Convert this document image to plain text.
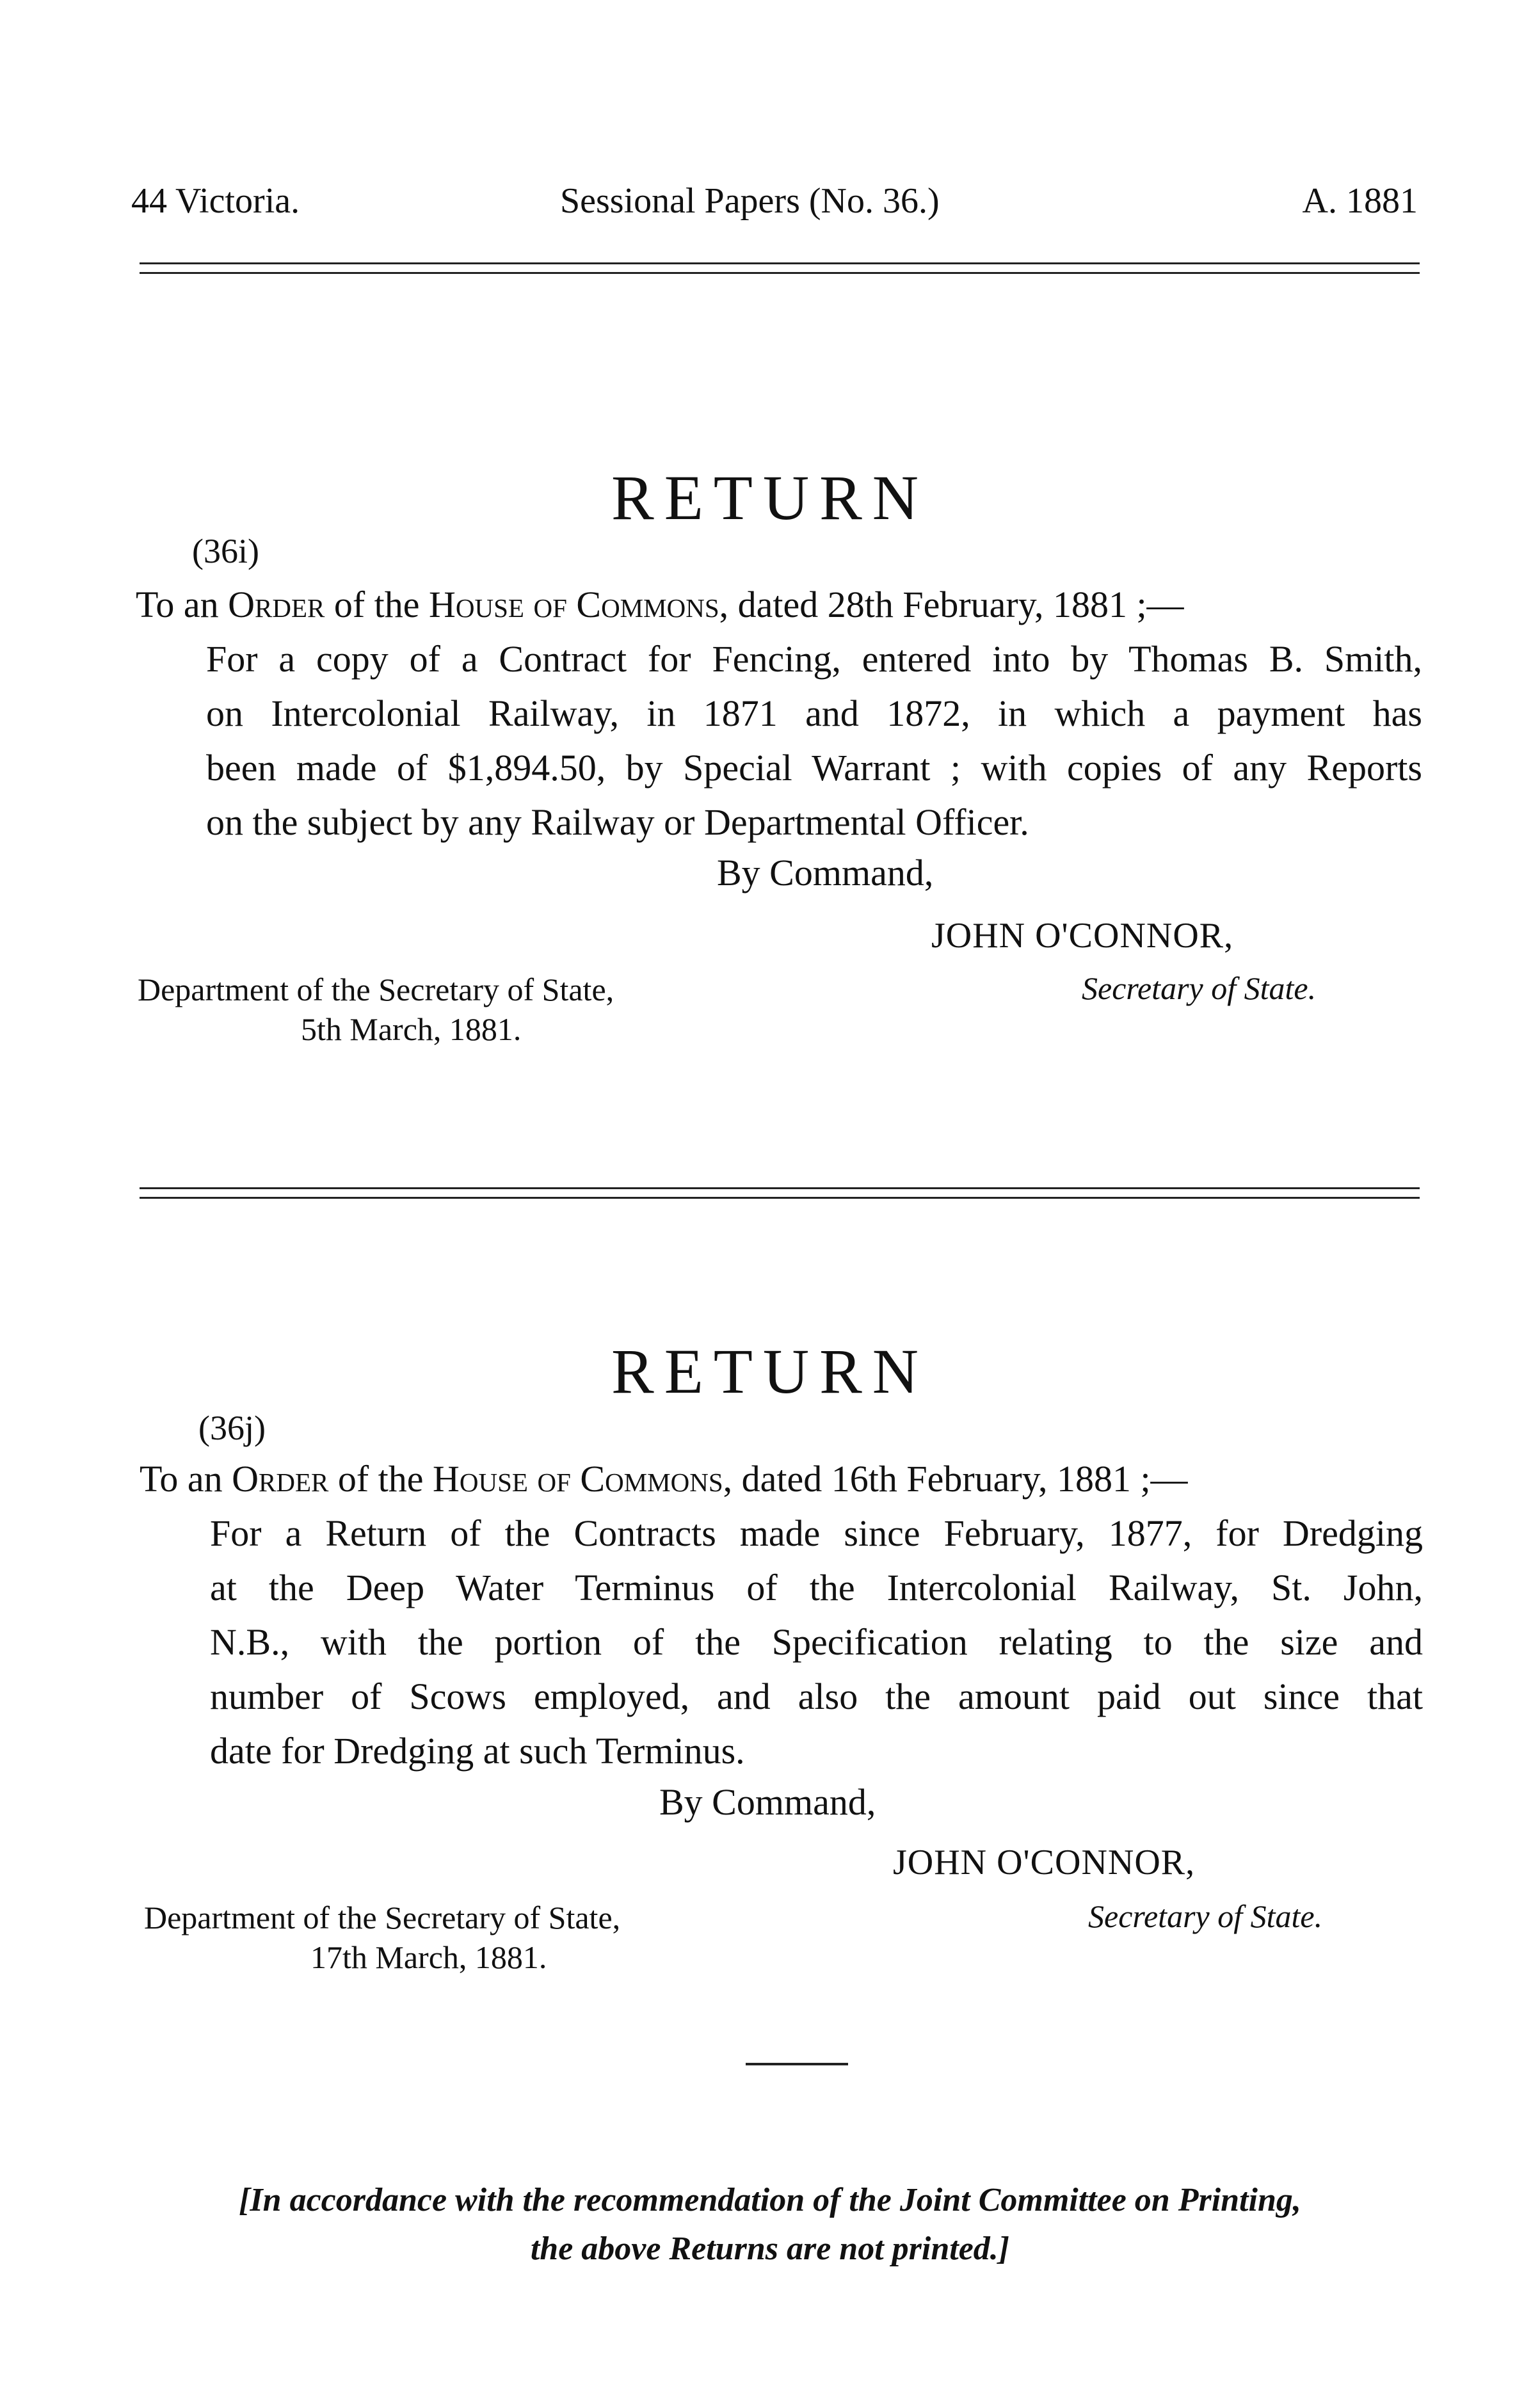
44 Victoria.	Sessional Papers (No. 36.)	A. 1881
RETURN
(36i)
To an Order of the House of Commons, dated 28th February, 1881 ;—
For a copy of a Contract for Fencing, entered into by Thomas B. Smith,
on Intercolonial Railway, in 1871 and 1872, in which a payment has
been made of $1,894.50, by Special Warrant ; with copies of any Reports
on the subject by any Railway or Departmental Officer.
By Command,
JOHN O'CONNOR,
Department of the Secretary of State,
5th March, 1881.
Secretary of State.
RETURN
(36j)
To an Order of the House of Commons, dated 16th February, 1881 ;—
For a Return of the Contracts made since February, 1877, for Dredging
at the Deep Water Terminus of the Intercolonial Railway, St. John,
N.B., with the portion of the Specification relating to the size and
number of Scows employed, and also the amount paid out since that
date for Dredging at such Terminus.
By Command,
JOHN O'CONNOR,
Department of the Secretary of State,
17th March, 1881.
Secretary of State.
[In accordance with the recommendation of the Joint Committee on Printing,
the above Returns are not printed.]
